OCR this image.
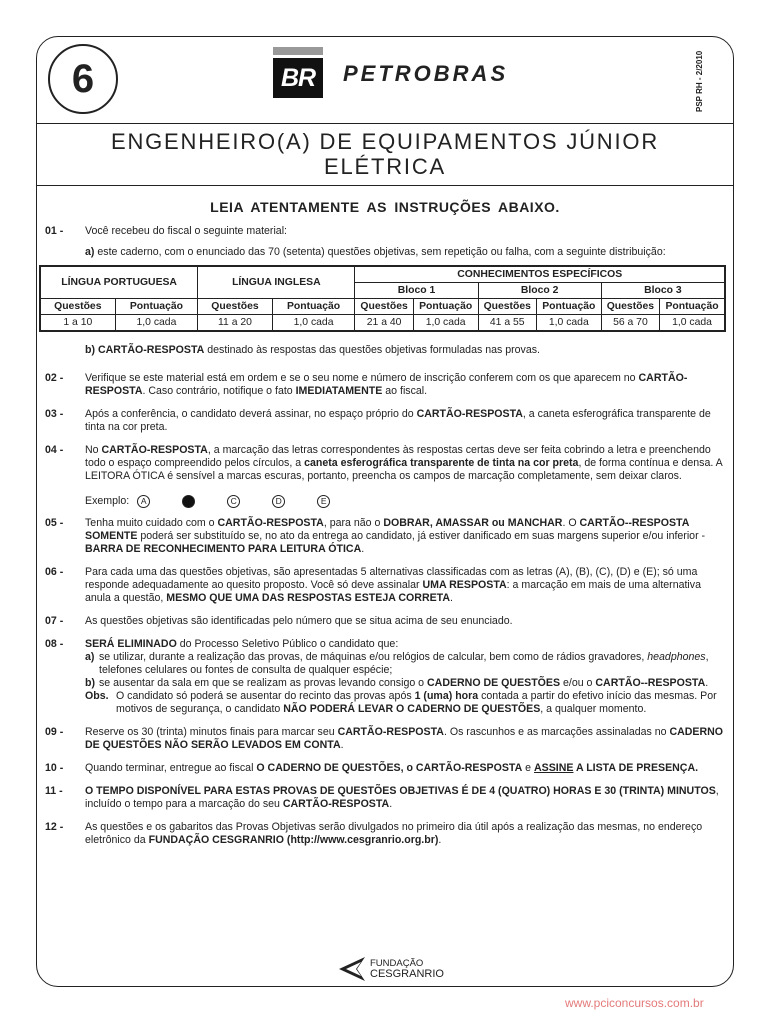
6	BR	PETROBRAS	PSP RH - 2/2010
ENGENHEIRO(A) DE EQUIPAMENTOS JÚNIOR
ELÉTRICA
LEIA ATENTAMENTE AS INSTRUÇÕES ABAIXO.
01 - Você recebeu do fiscal o seguinte material:
a) este caderno, com o enunciado das 70 (setenta) questões objetivas, sem repetição ou falha, com a seguinte distribuição:
LÍNGUA PORTUGUESA		LÍNGUA INGLESA		CONHECIMENTOS ESPECÍFICOS					
				Bloco 1		Bloco 2		Bloco 3	
Questões	Pontuação	Questões	Pontuação	Questões	Pontuação	Questões	Pontuação	Questões	Pontuação
1 a 10	1,0 cada	11 a 20	1,0 cada	21 a 40	1,0 cada	41 a 55	1,0 cada	56 a 70	1,0 cada
b) CARTÃO-RESPOSTA destinado às respostas das questões objetivas formuladas nas provas.
02 - Verifique se este material está em ordem e se o seu nome e número de inscrição conferem com os que aparecem no CARTÃO-RESPOSTA. Caso contrário, notifique o fato IMEDIATAMENTE ao fiscal.
03 - Após a conferência, o candidato deverá assinar, no espaço próprio do CARTÃO-RESPOSTA, a caneta esferográfica transparente de tinta na cor preta.
04 - No CARTÃO-RESPOSTA, a marcação das letras correspondentes às respostas certas deve ser feita cobrindo a letra e preenchendo todo o espaço compreendido pelos círculos, a caneta esferográfica transparente de tinta na cor preta, de forma contínua e densa. A LEITORA ÓTICA é sensível a marcas escuras, portanto, preencha os campos de marcação completamente, sem deixar claros.
Exemplo:	A	C	D	E
05 - Tenha muito cuidado com o CARTÃO-RESPOSTA, para não o DOBRAR, AMASSAR ou MANCHAR. O CARTÃO--RESPOSTA SOMENTE poderá ser substituído se, no ato da entrega ao candidato, já estiver danificado em suas margens superior e/ou inferior - BARRA DE RECONHECIMENTO PARA LEITURA ÓTICA.
06 - Para cada uma das questões objetivas, são apresentadas 5 alternativas classificadas com as letras (A), (B), (C), (D) e (E); só uma responde adequadamente ao quesito proposto. Você só deve assinalar UMA RESPOSTA: a marcação em mais de uma alternativa anula a questão, MESMO QUE UMA DAS RESPOSTAS ESTEJA CORRETA.
07 - As questões objetivas são identificadas pelo número que se situa acima de seu enunciado.
08 - SERÁ ELIMINADO do Processo Seletivo Público o candidato que:
a) se utilizar, durante a realização das provas, de máquinas e/ou relógios de calcular, bem como de rádios gravadores, headphones, telefones celulares ou fontes de consulta de qualquer espécie;
b) se ausentar da sala em que se realizam as provas levando consigo o CADERNO DE QUESTÕES e/ou o CARTÃO--RESPOSTA.
Obs. O candidato só poderá se ausentar do recinto das provas após 1 (uma) hora contada a partir do efetivo início das mesmas. Por motivos de segurança, o candidato NÃO PODERÁ LEVAR O CADERNO DE QUESTÕES, a qualquer momento.
09 - Reserve os 30 (trinta) minutos finais para marcar seu CARTÃO-RESPOSTA. Os rascunhos e as marcações assinaladas no CADERNO DE QUESTÕES NÃO SERÃO LEVADOS EM CONTA.
10 - Quando terminar, entregue ao fiscal O CADERNO DE QUESTÕES, o CARTÃO-RESPOSTA e ASSINE A LISTA DE PRESENÇA.
11 - O TEMPO DISPONÍVEL PARA ESTAS PROVAS DE QUESTÕES OBJETIVAS É DE 4 (QUATRO) HORAS E 30 (TRINTA) MINUTOS, incluído o tempo para a marcação do seu CARTÃO-RESPOSTA.
12 - As questões e os gabaritos das Provas Objetivas serão divulgados no primeiro dia útil após a realização das mesmas, no endereço eletrônico da FUNDAÇÃO CESGRANRIO (http://www.cesgranrio.org.br).
FUNDAÇÃO
CESGRANRIO
www.pciconcursos.com.br
